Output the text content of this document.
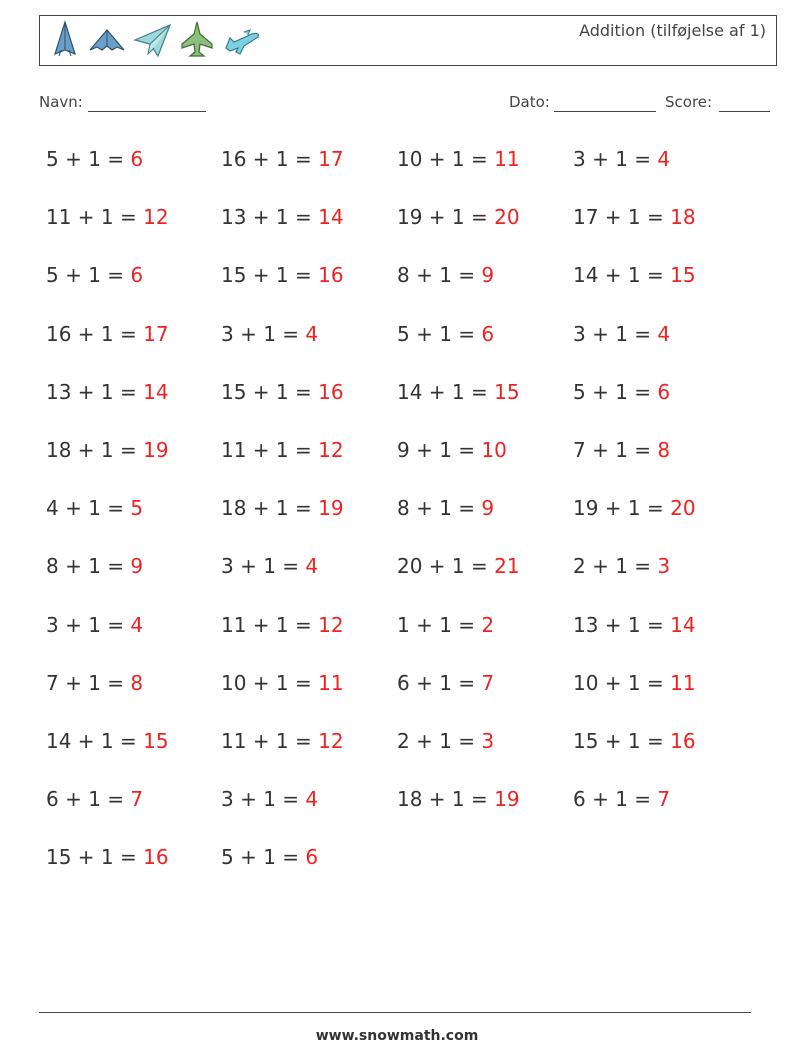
Addition (tilføjelse af 1)
Navn:	Dato:	Score:
5 + 1 = 6	16 + 1 = 17	10 + 1 = 11	3 + 1 = 4
11 + 1 = 12	13 + 1 = 14	19 + 1 = 20	17 + 1 = 18
5 + 1 = 6	15 + 1 = 16	8 + 1 = 9	14 + 1 = 15
16 + 1 = 17	3 + 1 = 4	5 + 1 = 6	3 + 1 = 4
13 + 1 = 14	15 + 1 = 16	14 + 1 = 15	5 + 1 = 6
18 + 1 = 19	11 + 1 = 12	9 + 1 = 10	7 + 1 = 8
4 + 1 = 5	18 + 1 = 19	8 + 1 = 9	19 + 1 = 20
8 + 1 = 9	3 + 1 = 4	20 + 1 = 21	2 + 1 = 3
3 + 1 = 4	11 + 1 = 12	1 + 1 = 2	13 + 1 = 14
7 + 1 = 8	10 + 1 = 11	6 + 1 = 7	10 + 1 = 11
14 + 1 = 15	11 + 1 = 12	2 + 1 = 3	15 + 1 = 16
6 + 1 = 7	3 + 1 = 4	18 + 1 = 19	6 + 1 = 7
15 + 1 = 16	5 + 1 = 6
www.snowmath.com
